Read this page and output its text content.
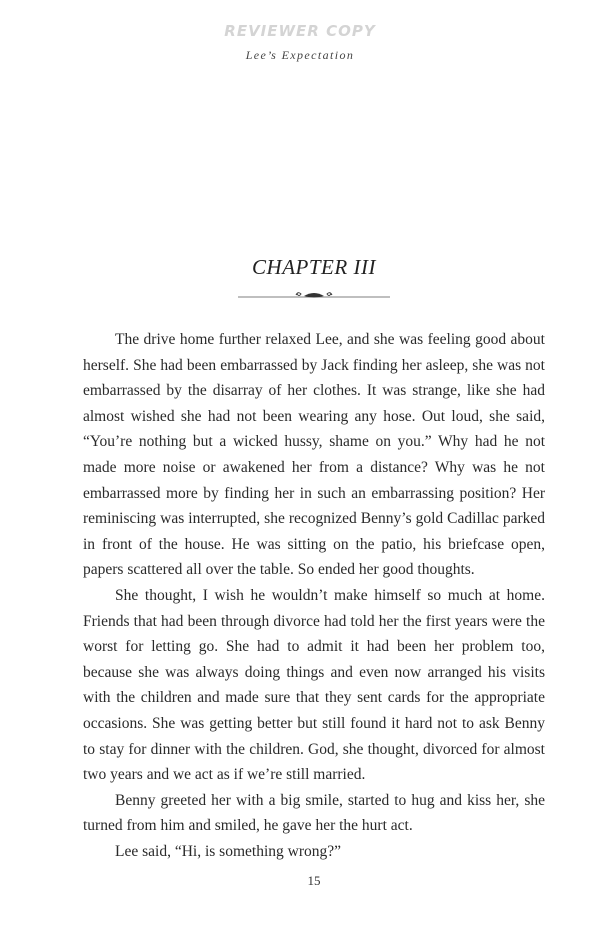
REVIEWER COPY
Lee’s Expectation
CHAPTER III

The drive home further relaxed Lee, and she was feeling good about herself. She had been embarrassed by Jack finding her asleep, she was not embarrassed by the disarray of her clothes. It was strange, like she had almost wished she had not been wearing any hose. Out loud, she said, “You’re nothing but a wicked hussy, shame on you.” Why had he not made more noise or awakened her from a distance? Why was he not embarrassed more by finding her in such an embarrassing position? Her reminiscing was interrupted, she recognized Benny’s gold Cadillac parked in front of the house. He was sitting on the patio, his briefcase open, papers scattered all over the table. So ended her good thoughts.

She thought, I wish he wouldn’t make himself so much at home. Friends that had been through divorce had told her the first years were the worst for letting go. She had to admit it had been her problem too, because she was always doing things and even now arranged his visits with the children and made sure that they sent cards for the appropriate occasions. She was getting better but still found it hard not to ask Benny to stay for dinner with the children. God, she thought, divorced for almost two years and we act as if we’re still married.

Benny greeted her with a big smile, started to hug and kiss her, she turned from him and smiled, he gave her the hurt act.

Lee said, “Hi, is something wrong?”

15
